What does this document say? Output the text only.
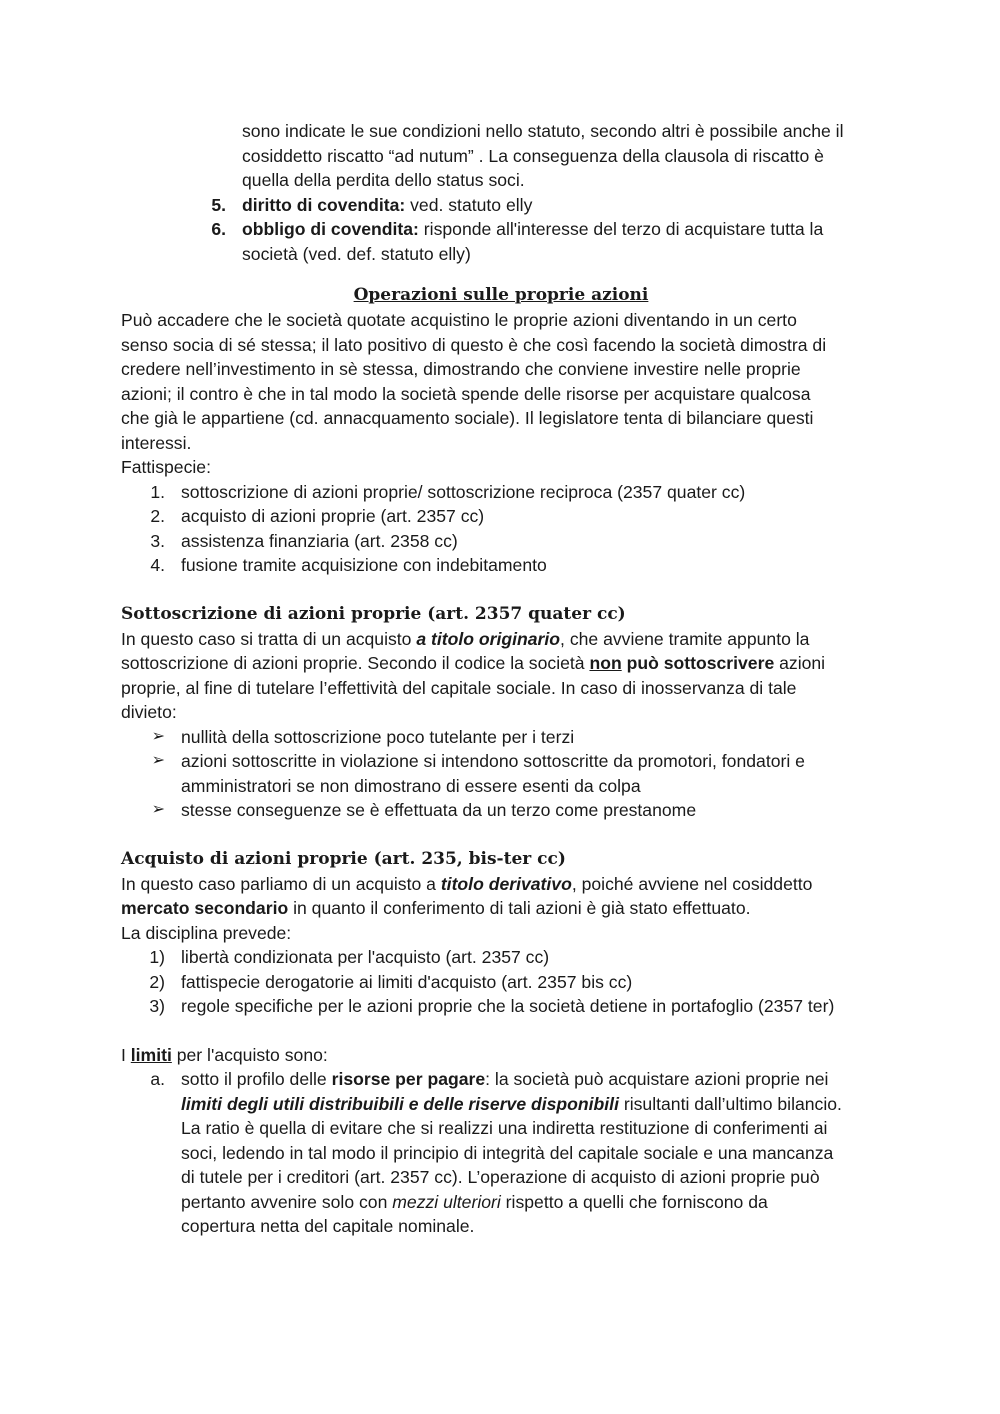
sono indicate le sue condizioni nello statuto, secondo altri è possibile anche il

cosiddetto riscatto “ad nutum” . La conseguenza della clausola di riscatto è

quella della perdita dello status soci.

5. diritto di covendita: ved. statuto elly
6. obbligo di covendita: risponde all'interesse del terzo di acquistare tutta la
società (ved. def. statuto elly)
Operazioni sulle proprie azioni

Può accadere che le società quotate acquistino le proprie azioni diventando in un certo

senso socia di sé stessa; il lato positivo di questo è che così facendo la società dimostra di

credere nell’investimento in sè stessa, dimostrando che conviene investire nelle proprie

azioni; il contro è che in tal modo la società spende delle risorse per acquistare qualcosa

che già le appartiene (cd. annacquamento sociale). Il legislatore tenta di bilanciare questi

interessi.

Fattispecie:

1. sottoscrizione di azioni proprie/ sottoscrizione reciproca (2357 quater cc)
2. acquisto di azioni proprie (art. 2357 cc)
3. assistenza finanziaria (art. 2358 cc)
4. fusione tramite acquisizione con indebitamento
Sottoscrizione di azioni proprie (art. 2357 quater cc)

In questo caso si tratta di un acquisto a titolo originario, che avviene tramite appunto la

sottoscrizione di azioni proprie. Secondo il codice la società non può sottoscrivere azioni

proprie, al fine di tutelare l’effettività del capitale sociale. In caso di inosservanza di tale

divieto:

➢ nullità della sottoscrizione poco tutelante per i terzi
➢ azioni sottoscritte in violazione si intendono sottoscritte da promotori, fondatori e
amministratori se non dimostrano di essere esenti da colpa
➢ stesse conseguenze se è effettuata da un terzo come prestanome
Acquisto di azioni proprie (art. 235, bis-ter cc)

In questo caso parliamo di un acquisto a titolo derivativo, poiché avviene nel cosiddetto

mercato secondario in quanto il conferimento di tali azioni è già stato effettuato.

La disciplina prevede:

1) libertà condizionata per l'acquisto (art. 2357 cc)
2) fattispecie derogatorie ai limiti d'acquisto (art. 2357 bis cc)
3) regole specifiche per le azioni proprie che la società detiene in portafoglio (2357 ter)

I limiti per l'acquisto sono:

a. sotto il profilo delle risorse per pagare: la società può acquistare azioni proprie nei

limiti degli utili distribuibili e delle riserve disponibili risultanti dall’ultimo bilancio.

La ratio è quella di evitare che si realizzi una indiretta restituzione di conferimenti ai

soci, ledendo in tal modo il principio di integrità del capitale sociale e una mancanza

di tutele per i creditori (art. 2357 cc). L’operazione di acquisto di azioni proprie può

pertanto avvenire solo con mezzi ulteriori rispetto a quelli che forniscono da

copertura netta del capitale nominale.
